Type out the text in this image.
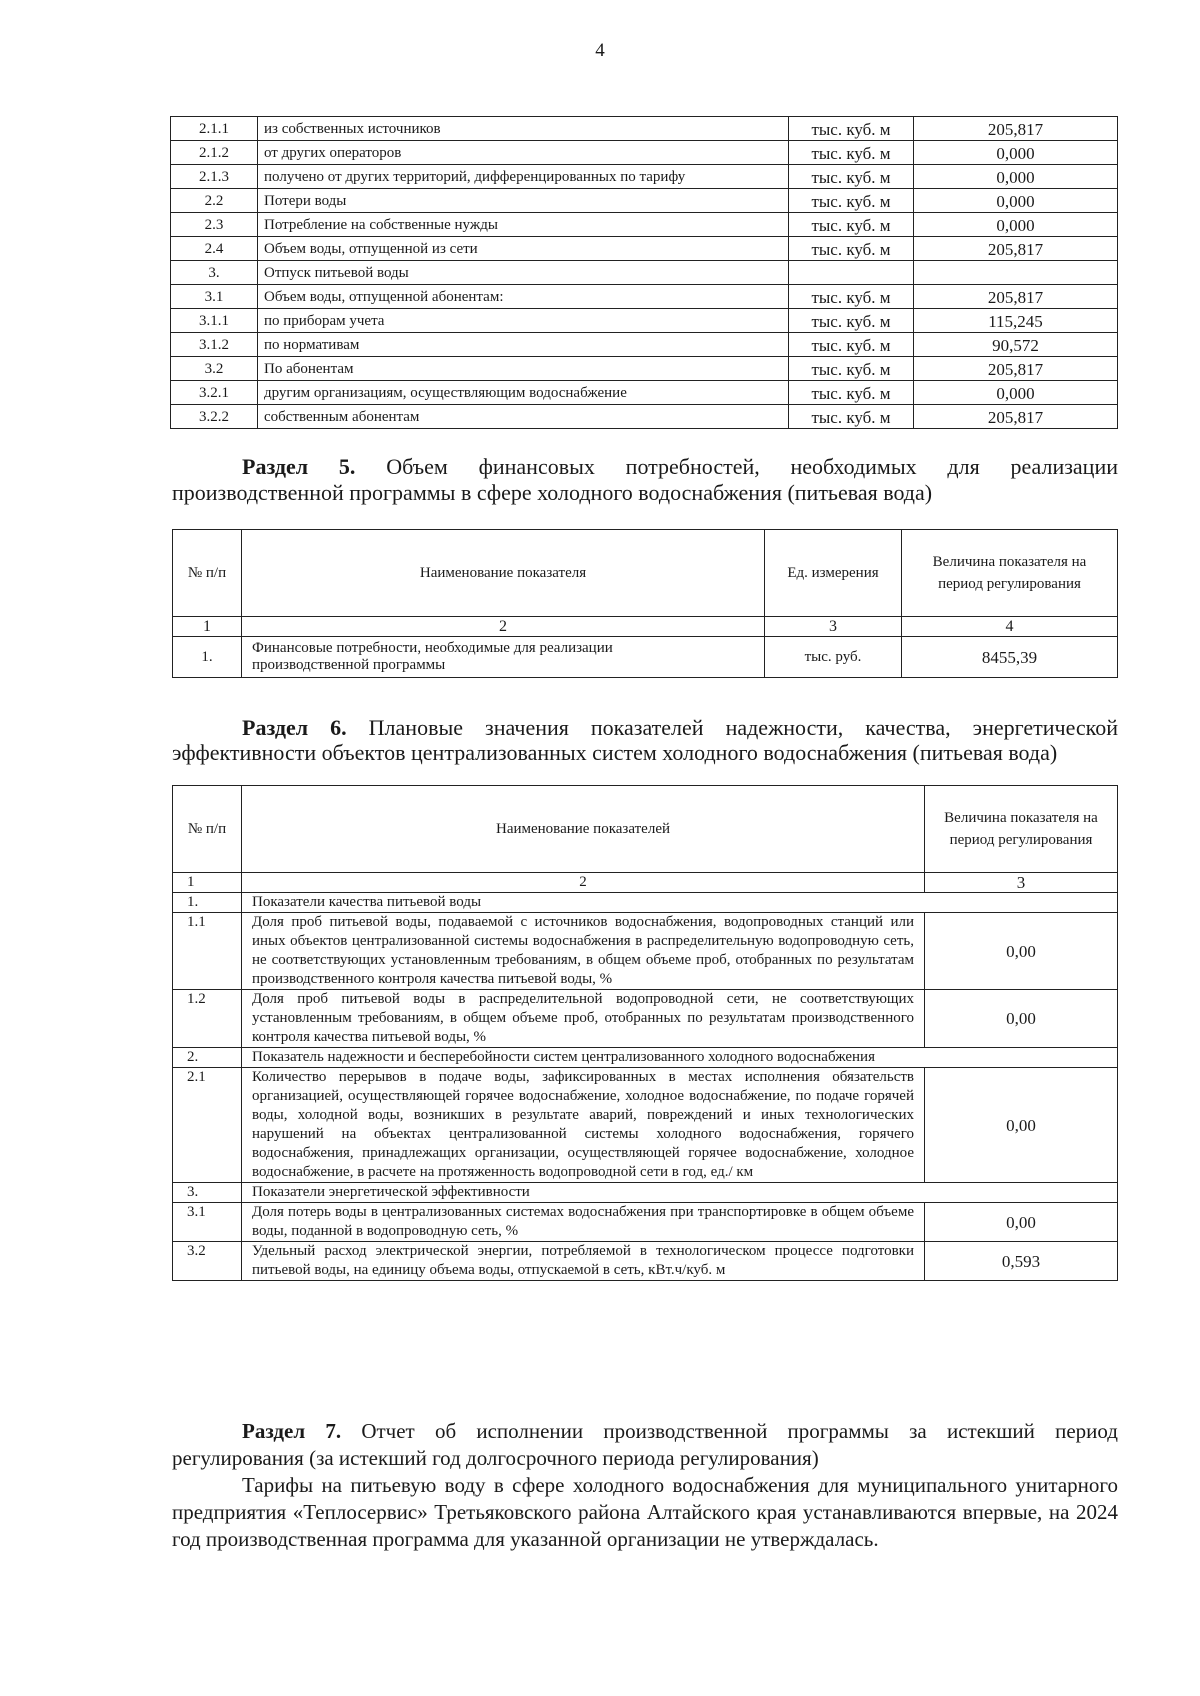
4
2.1.1	из собственных источников	тыс. куб. м	205,817
2.1.2	от других операторов	тыс. куб. м	0,000
2.1.3	получено от других территорий, дифференцированных по тарифу	тыс. куб. м	0,000
2.2	Потери воды	тыс. куб. м	0,000
2.3	Потребление на собственные нужды	тыс. куб. м	0,000
2.4	Объем воды, отпущенной из сети	тыс. куб. м	205,817
3.	Отпуск питьевой воды		
3.1	Объем воды, отпущенной абонентам:	тыс. куб. м	205,817
3.1.1	по приборам учета	тыс. куб. м	115,245
3.1.2	по нормативам	тыс. куб. м	90,572
3.2	По абонентам	тыс. куб. м	205,817
3.2.1	другим организациям, осуществляющим водоснабжение	тыс. куб. м	0,000
3.2.2	собственным абонентам	тыс. куб. м	205,817
Раздел 5. Объем финансовых потребностей, необходимых для реализации производственной программы в сфере холодного водоснабжения (питьевая вода)
№ п/п	Наименование показателя	Ед. измерения	Величина показателя на период регулирования
1	2	3	4
1.	Финансовые потребности, необходимые для реализации производственной программы	тыс. руб.	8455,39
Раздел 6. Плановые значения показателей надежности, качества, энергетической эффективности объектов централизованных систем холодного водоснабжения (питьевая вода)
№ п/п	Наименование показателей	Величина показателя на период регулирования
1	2	3
1.	Показатели качества питьевой воды	
1.1	Доля проб питьевой воды, подаваемой с источников водоснабжения, водопроводных станций или иных объектов централизованной системы водоснабжения в распределительную водопроводную сеть, не соответствующих установленным требованиям, в общем объеме проб, отобранных по результатам производственного контроля качества питьевой воды, %	0,00
1.2	Доля проб питьевой воды в распределительной водопроводной сети, не соответствующих установленным требованиям, в общем объеме проб, отобранных по результатам производственного контроля качества питьевой воды, %	0,00
2.	Показатель надежности и бесперебойности систем централизованного холодного водоснабжения	
2.1	Количество перерывов в подаче воды, зафиксированных в местах исполнения обязательств организацией, осуществляющей горячее водоснабжение, холодное водоснабжение, по подаче горячей воды, холодной воды, возникших в результате аварий, повреждений и иных технологических нарушений на объектах централизованной системы холодного водоснабжения, горячего водоснабжения, принадлежащих организации, осуществляющей горячее водоснабжение, холодное водоснабжение, в расчете на протяженность водопроводной сети в год, ед./ км	0,00
3.	Показатели энергетической эффективности	
3.1	Доля потерь воды в централизованных системах водоснабжения при транспортировке в общем объеме воды, поданной в водопроводную сеть, %	0,00
3.2	Удельный расход электрической энергии, потребляемой в технологическом процессе подготовки питьевой воды, на единицу объема воды, отпускаемой в сеть, кВт.ч/куб. м	0,593
Раздел 7. Отчет об исполнении производственной программы за истекший период регулирования (за истекший год долгосрочного периода регулирования)
Тарифы на питьевую воду в сфере холодного водоснабжения для муниципального унитарного предприятия «Теплосервис» Третьяковского района Алтайского края устанавливаются впервые, на 2024 год производственная программа для указанной организации не утверждалась.
